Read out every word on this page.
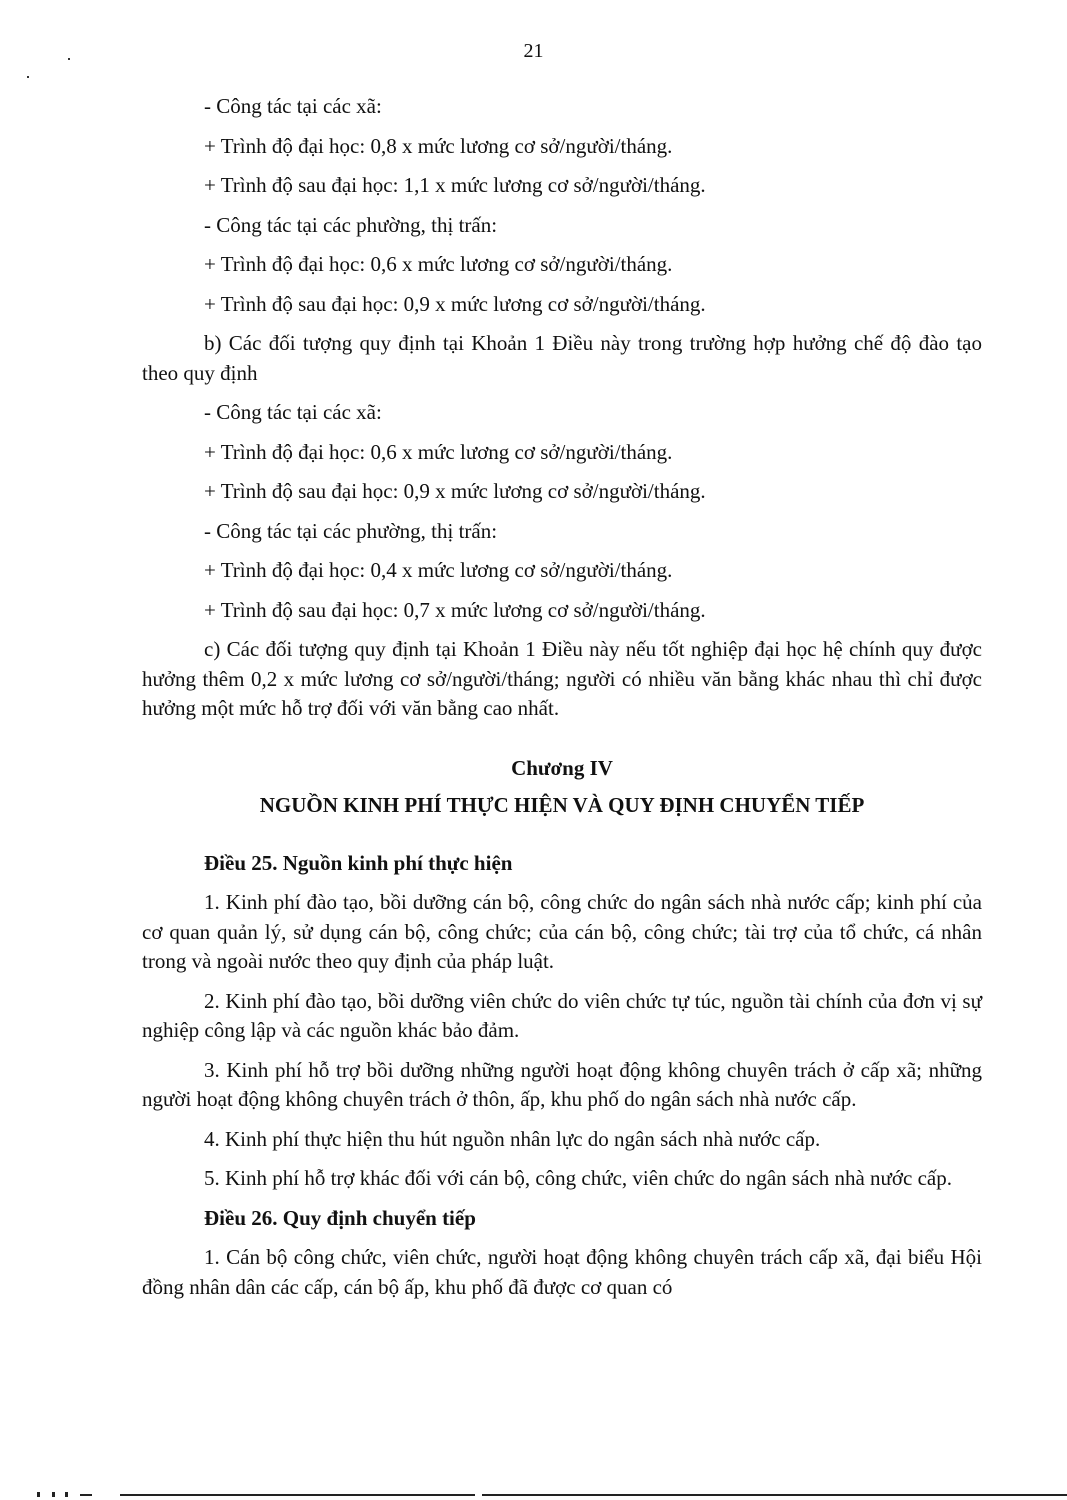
21
- Công tác tại các xã:
+ Trình độ đại học: 0,8 x mức lương cơ sở/người/tháng.
+ Trình độ sau đại học: 1,1 x mức lương cơ sở/người/tháng.
- Công tác tại các phường, thị trấn:
+ Trình độ đại học: 0,6 x mức lương cơ sở/người/tháng.
+ Trình độ sau đại học: 0,9 x mức lương cơ sở/người/tháng.
b) Các đối tượng quy định tại Khoản 1 Điều này trong trường hợp hưởng chế độ đào tạo theo quy định
- Công tác tại các xã:
+ Trình độ đại học: 0,6 x mức lương cơ sở/người/tháng.
+ Trình độ sau đại học: 0,9 x mức lương cơ sở/người/tháng.
- Công tác tại các phường, thị trấn:
+ Trình độ đại học: 0,4 x mức lương cơ sở/người/tháng.
+ Trình độ sau đại học: 0,7 x mức lương cơ sở/người/tháng.
c) Các đối tượng quy định tại Khoản 1 Điều này nếu tốt nghiệp đại học hệ chính quy được hưởng thêm 0,2 x mức lương cơ sở/người/tháng; người có nhiều văn bằng khác nhau thì chỉ được hưởng một mức hỗ trợ đối với văn bằng cao nhất.
Chương IV
NGUỒN KINH PHÍ THỰC HIỆN VÀ QUY ĐỊNH CHUYỂN TIẾP
Điều 25. Nguồn kinh phí thực hiện
1. Kinh phí đào tạo, bồi dưỡng cán bộ, công chức do ngân sách nhà nước cấp; kinh phí của cơ quan quản lý, sử dụng cán bộ, công chức; của cán bộ, công chức; tài trợ của tổ chức, cá nhân trong và ngoài nước theo quy định của pháp luật.
2. Kinh phí đào tạo, bồi dưỡng viên chức do viên chức tự túc, nguồn tài chính của đơn vị sự nghiệp công lập và các nguồn khác bảo đảm.
3. Kinh phí hỗ trợ bồi dưỡng những người hoạt động không chuyên trách ở cấp xã; những người hoạt động không chuyên trách ở thôn, ấp, khu phố do ngân sách nhà nước cấp.
4. Kinh phí thực hiện thu hút nguồn nhân lực do ngân sách nhà nước cấp.
5. Kinh phí hỗ trợ khác đối với cán bộ, công chức, viên chức do ngân sách nhà nước cấp.
Điều 26. Quy định chuyển tiếp
1. Cán bộ công chức, viên chức, người hoạt động không chuyên trách cấp xã, đại biểu Hội đồng nhân dân các cấp, cán bộ ấp, khu phố đã được cơ quan có
